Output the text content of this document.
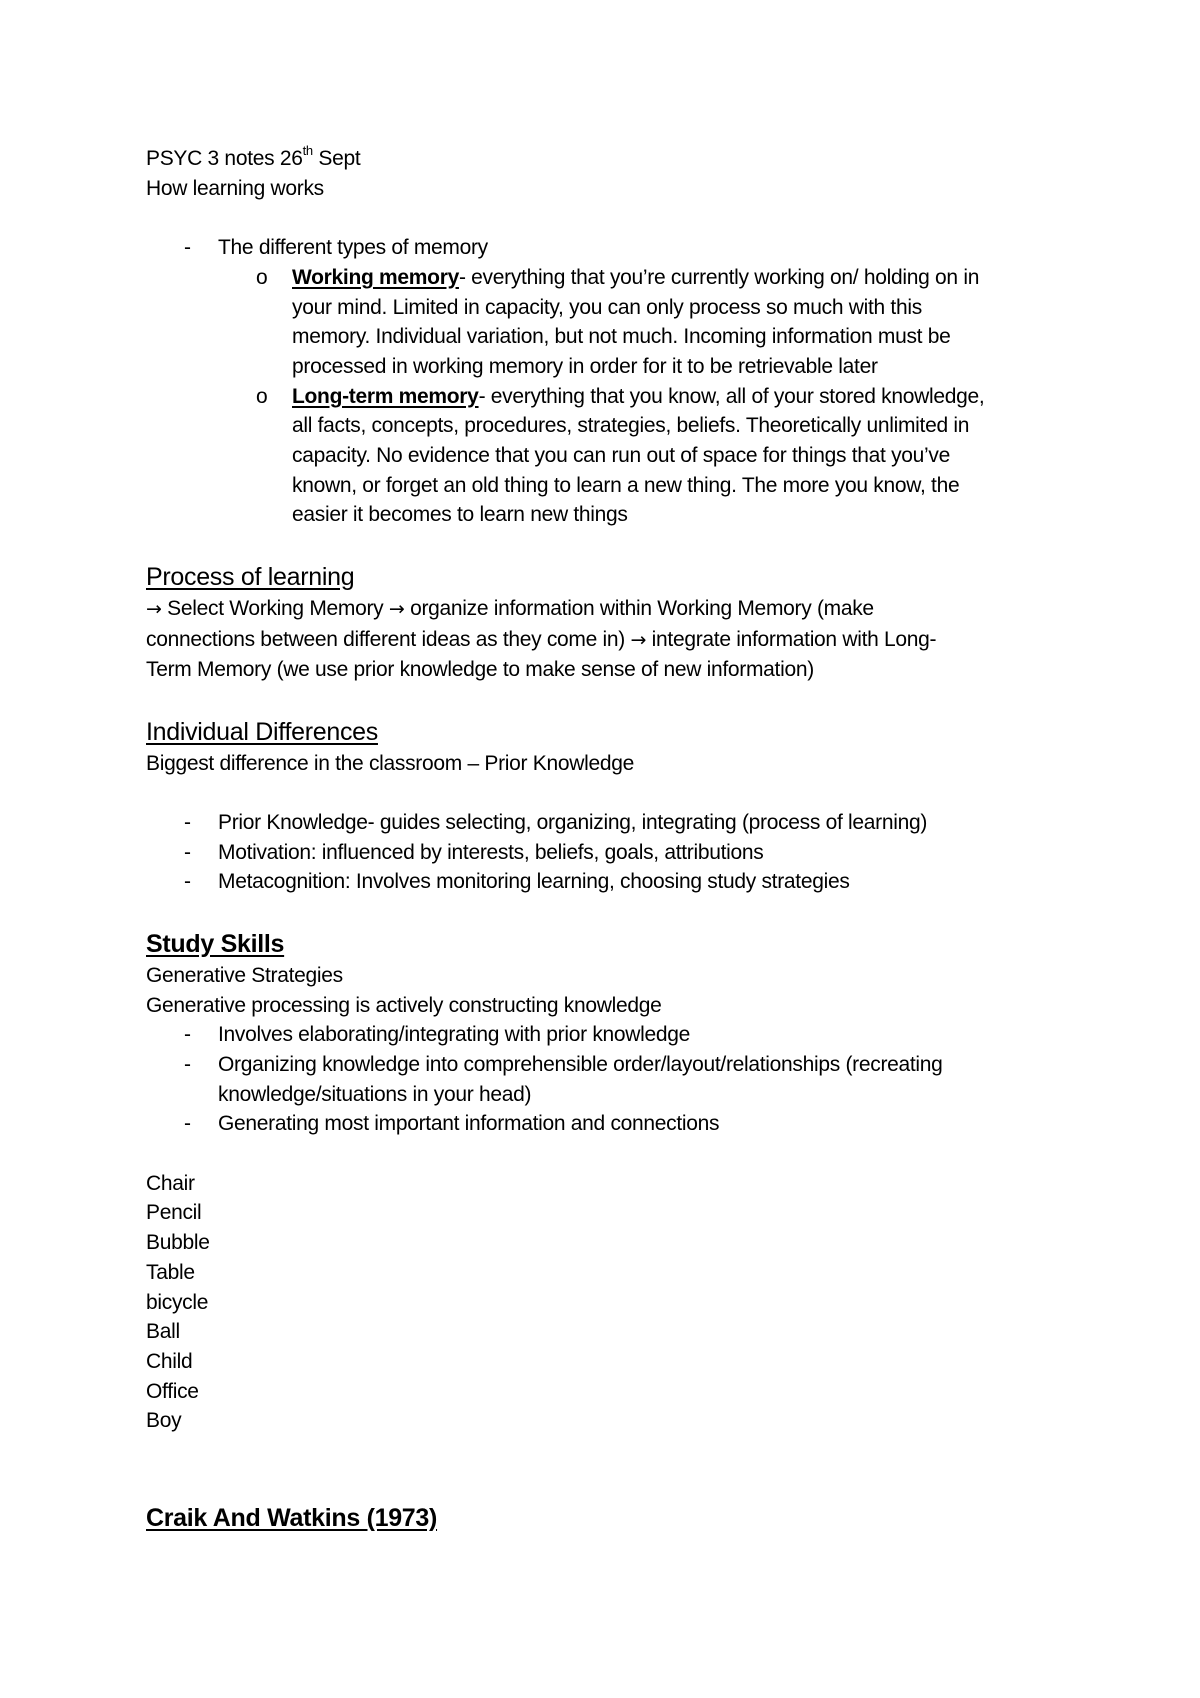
PSYC 3 notes 26th Sept
How learning works
- The different types of memory
o Working memory- everything that you’re currently working on/ holding on in
your mind. Limited in capacity, you can only process so much with this
memory. Individual variation, but not much. Incoming information must be
processed in working memory in order for it to be retrievable later
o Long-term memory- everything that you know, all of your stored knowledge,
all facts, concepts, procedures, strategies, beliefs. Theoretically unlimited in
capacity. No evidence that you can run out of space for things that you’ve
known, or forget an old thing to learn a new thing. The more you know, the
easier it becomes to learn new things
Process of learning
→ Select Working Memory → organize information within Working Memory (make
connections between different ideas as they come in) → integrate information with Long-
Term Memory (we use prior knowledge to make sense of new information)
Individual Differences
Biggest difference in the classroom – Prior Knowledge
- Prior Knowledge- guides selecting, organizing, integrating (process of learning)
- Motivation: influenced by interests, beliefs, goals, attributions
- Metacognition: Involves monitoring learning, choosing study strategies
Study Skills
Generative Strategies
Generative processing is actively constructing knowledge
- Involves elaborating/integrating with prior knowledge
- Organizing knowledge into comprehensible order/layout/relationships (recreating
knowledge/situations in your head)
- Generating most important information and connections
Chair
Pencil
Bubble
Table
bicycle
Ball
Child
Office
Boy
Craik And Watkins (1973)
